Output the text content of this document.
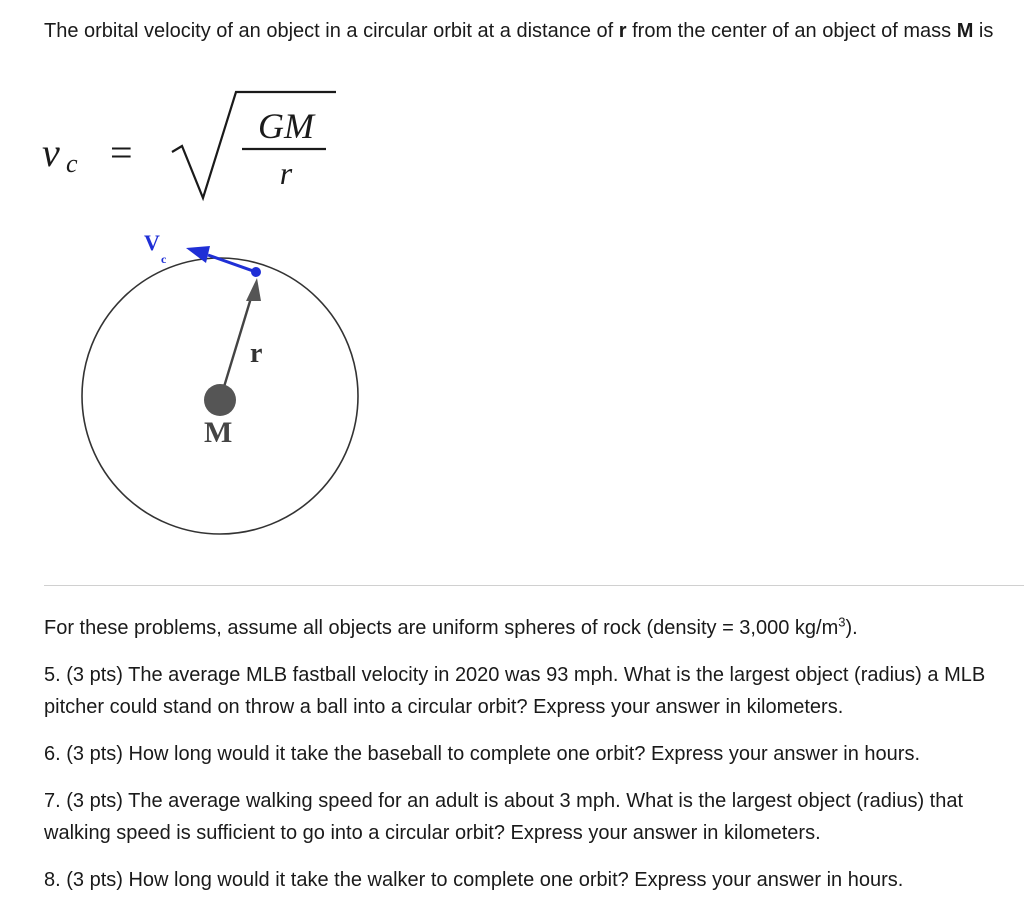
The orbital velocity of an object in a circular orbit at a distance of r from the center of an object of mass M is
v c =
GM
r
V
c
r
M

For these problems, assume all objects are uniform spheres of rock (density = 3,000 $kg/m^3$).

5. (3 pts) The average MLB fastball velocity in 2020 was 93 mph. What is the largest object (radius) a MLB pitcher could stand on throw a ball into a circular orbit? Express your answer in kilometers.

6. (3 pts) How long would it take the baseball to complete one orbit? Express your answer in hours.

7. (3 pts) The average walking speed for an adult is about 3 mph. What is the largest object (radius) that walking speed is sufficient to go into a circular orbit? Express your answer in kilometers.

8. (3 pts) How long would it take the walker to complete one orbit? Express your answer in hours.
